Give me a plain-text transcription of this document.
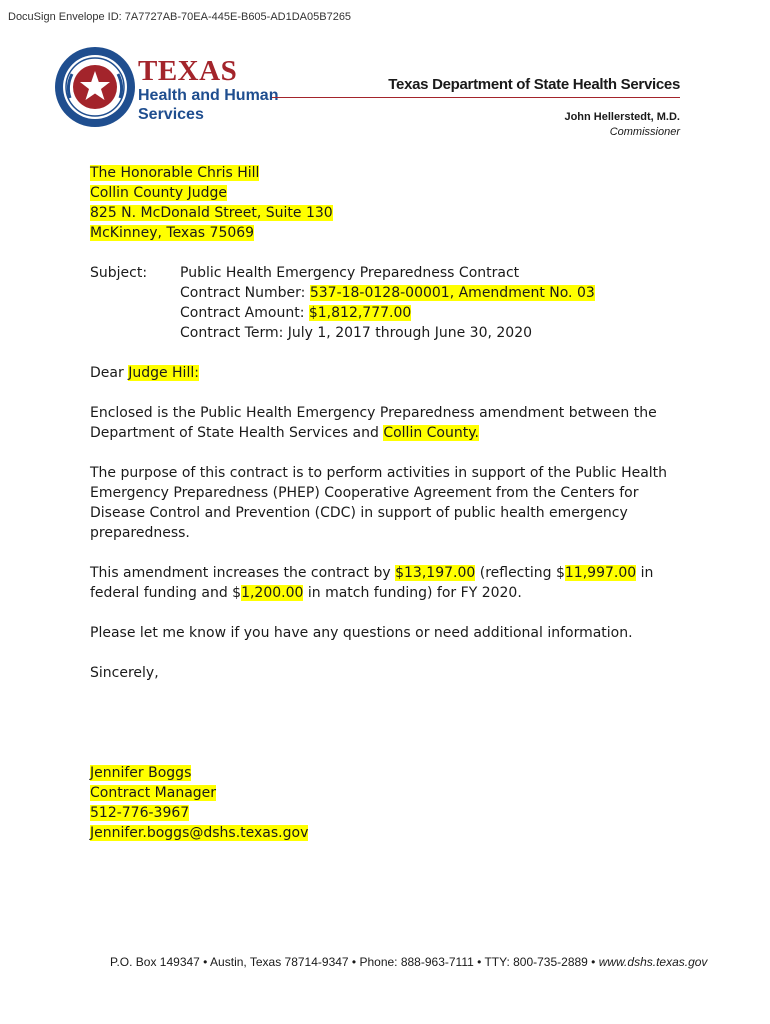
DocuSign Envelope ID: 7A7727AB-70EA-445E-B605-AD1DA05B7265
TEXAS
Health and Human
Services
Texas Department of State Health Services
John Hellerstedt, M.D.
Commissioner
The Honorable Chris Hill
Collin County Judge
825 N. McDonald Street, Suite 130
McKinney, Texas 75069
Subject:	Public Health Emergency Preparedness Contract
Contract Number: 537-18-0128-00001, Amendment No. 03
Contract Amount: $1,812,777.00
Contract Term: July 1, 2017 through June 30, 2020
Dear Judge Hill:
Enclosed is the Public Health Emergency Preparedness amendment between the
Department of State Health Services and Collin County.
The purpose of this contract is to perform activities in support of the Public Health
Emergency Preparedness (PHEP) Cooperative Agreement from the Centers for
Disease Control and Prevention (CDC) in support of public health emergency
preparedness.
This amendment increases the contract by $13,197.00 (reflecting $11,997.00 in
federal funding and $1,200.00 in match funding) for FY 2020.
Please let me know if you have any questions or need additional information.
Sincerely,
Jennifer Boggs
Contract Manager
512-776-3967
Jennifer.boggs@dshs.texas.gov
P.O. Box 149347 • Austin, Texas 78714-9347 • Phone: 888-963-7111 • TTY: 800-735-2889 • www.dshs.texas.gov
